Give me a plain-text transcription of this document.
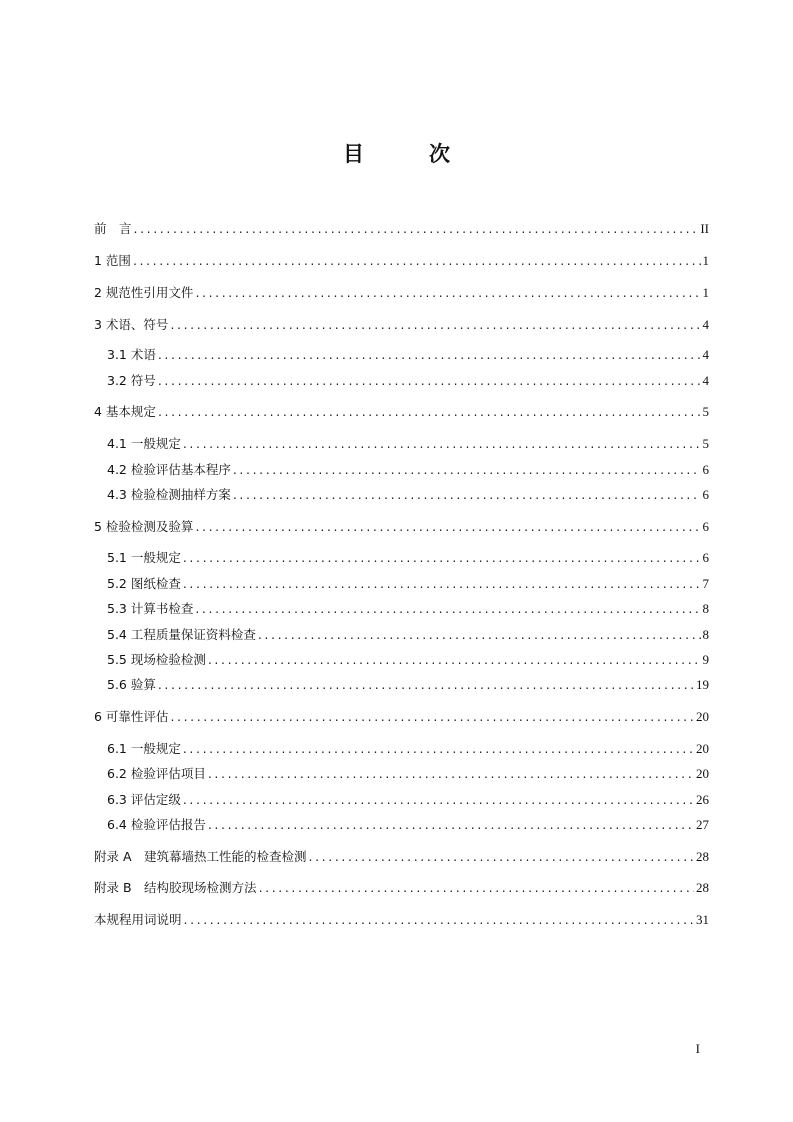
目　次
前　言 .....	II
1 范围 .....	1
2 规范性引用文件 .....	1
3 术语、符号 .....	4
3.1 术语 .....	4
3.2 符号 .....	4
4 基本规定 .....	5
4.1 一般规定 .....	5
4.2 检验评估基本程序 .....	6
4.3 检验检测抽样方案 .....	6
5 检验检测及验算 .....	6
5.1 一般规定 .....	6
5.2 图纸检查 .....	7
5.3 计算书检查 .....	8
5.4 工程质量保证资料检查 .....	8
5.5 现场检验检测 .....	9
5.6 验算 .....	19
6 可靠性评估 .....	20
6.1 一般规定 .....	20
6.2 检验评估项目 .....	20
6.3 评估定级 .....	26
6.4 检验评估报告 .....	27
附录 A　建筑幕墙热工性能的检查检测 .....	28
附录 B　结构胶现场检测方法 .....	28
本规程用词说明 .....	31
I
